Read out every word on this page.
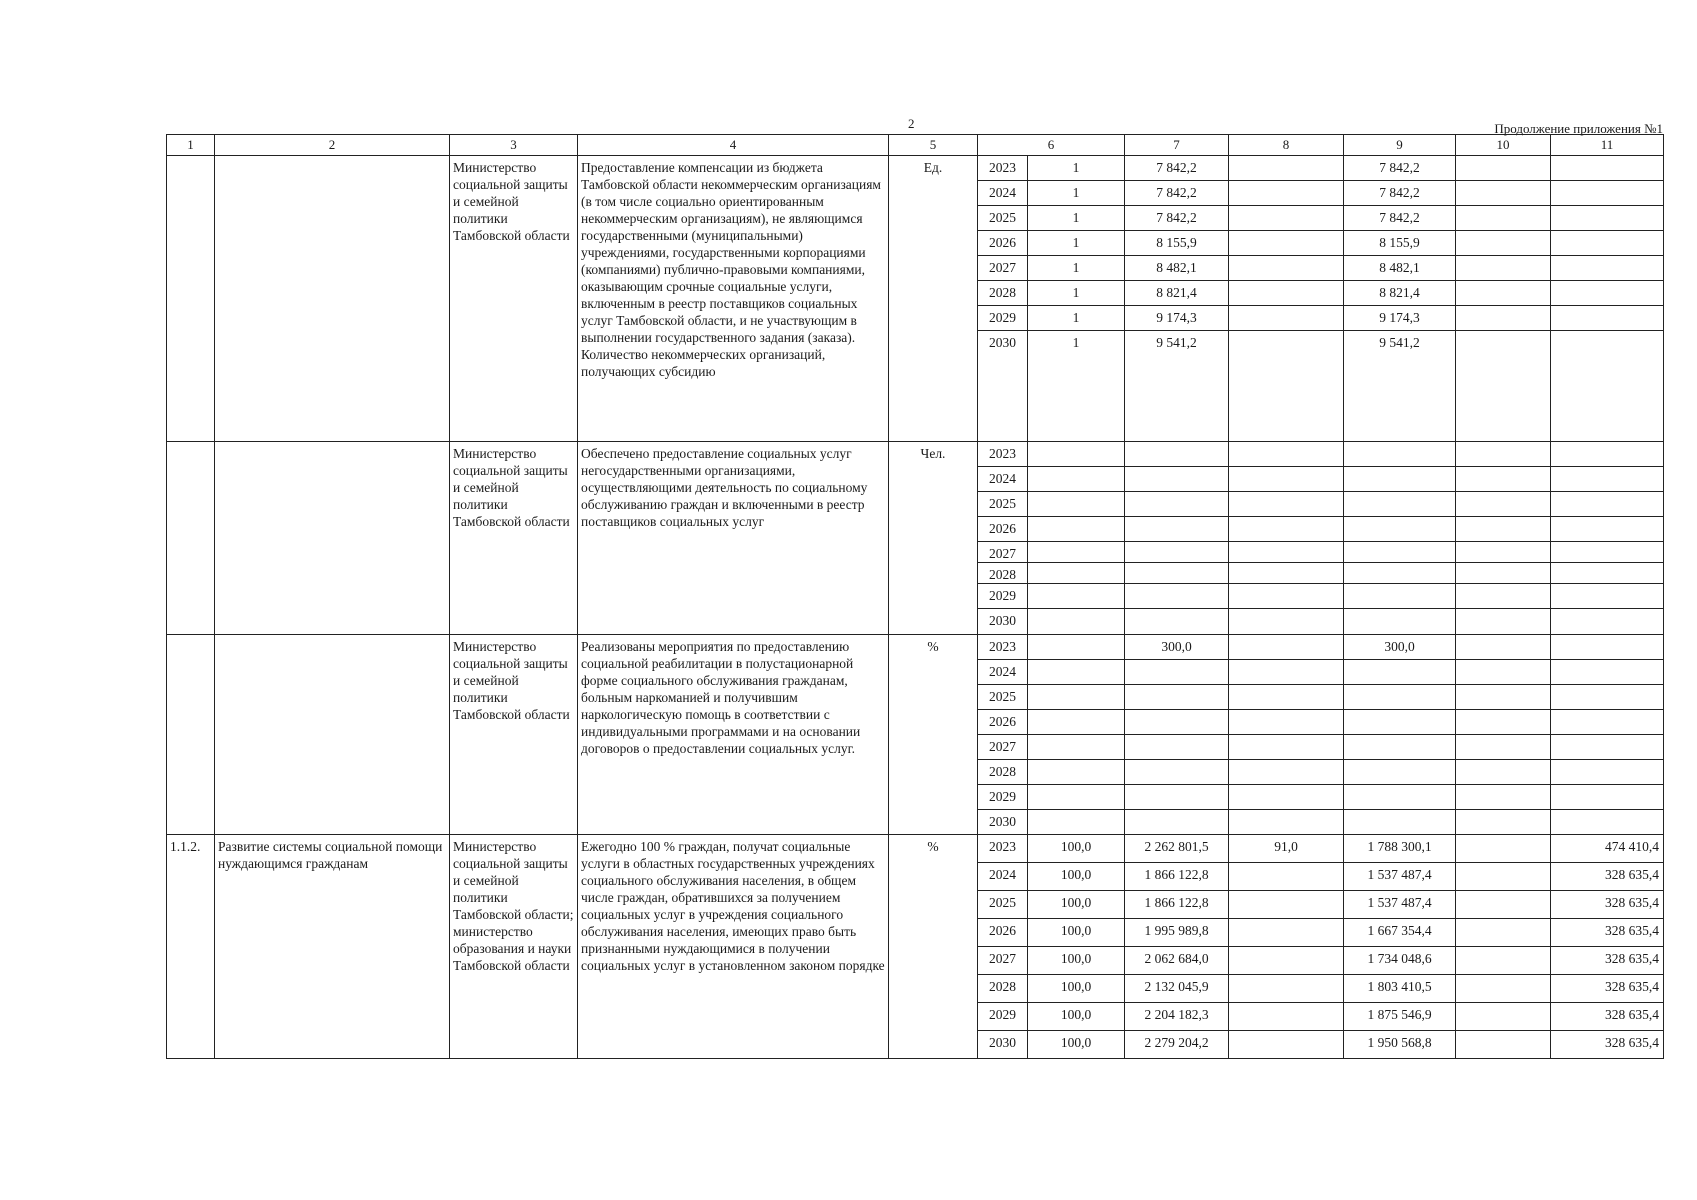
2	Продолжение приложения №1
1	2	3	4	5	6		7	8	9	10	11
		Министерство социальной защиты и семейной политики Тамбовской области	Предоставление компенсации из бюджета Тамбовской области некоммерческим организациям (в том числе социально ориентированным некоммерческим организациям), не являющимся государственными (муниципальными) учреждениями, государственными корпорациями (компаниями) публично-правовыми компаниями, оказывающим срочные социальные услуги, включенным в реестр поставщиков социальных услуг Тамбовской области, и не участвующим в выполнении государственного задания (заказа). Количество некоммерческих организаций, получающих субсидию	Ед.	2023	1	7 842,2		7 842,2		
					2024	1	7 842,2		7 842,2		
					2025	1	7 842,2		7 842,2		
					2026	1	8 155,9		8 155,9		
					2027	1	8 482,1		8 482,1		
					2028	1	8 821,4		8 821,4		
					2029	1	9 174,3		9 174,3		
					2030	1	9 541,2		9 541,2		
		Министерство социальной защиты и семейной политики Тамбовской области	Обеспечено предоставление социальных услуг негосударственными организациями, осуществляющими деятельность по социальному обслуживанию граждан и включенными в реестр поставщиков социальных услуг	Чел.	2023						
					2024						
					2025						
					2026						
					2027						
					2028						
					2029						
					2030						
		Министерство социальной защиты и семейной политики Тамбовской области	Реализованы мероприятия по предоставлению социальной реабилитации в полустационарной форме социального обслуживания гражданам, больным наркоманией и получившим наркологическую помощь в соответствии с индивидуальными программами и на основании договоров о предоставлении социальных услуг.	%	2023		300,0		300,0		
					2024						
					2025						
					2026						
					2027						
					2028						
					2029						
					2030						
1.1.2.	Развитие системы социальной помощи нуждающимся гражданам	Министерство социальной защиты и семейной политики Тамбовской области; министерство образования и науки Тамбовской области	Ежегодно 100 % граждан, получат социальные услуги в областных государственных учреждениях социального обслуживания населения, в общем числе граждан, обратившихся за получением социальных услуг в учреждения социального обслуживания населения, имеющих право быть признанными нуждающимися в получении социальных услуг в установленном законом порядке	%	2023	100,0	2 262 801,5	91,0	1 788 300,1		474 410,4
					2024	100,0	1 866 122,8		1 537 487,4		328 635,4
					2025	100,0	1 866 122,8		1 537 487,4		328 635,4
					2026	100,0	1 995 989,8		1 667 354,4		328 635,4
					2027	100,0	2 062 684,0		1 734 048,6		328 635,4
					2028	100,0	2 132 045,9		1 803 410,5		328 635,4
					2029	100,0	2 204 182,3		1 875 546,9		328 635,4
					2030	100,0	2 279 204,2		1 950 568,8		328 635,4
